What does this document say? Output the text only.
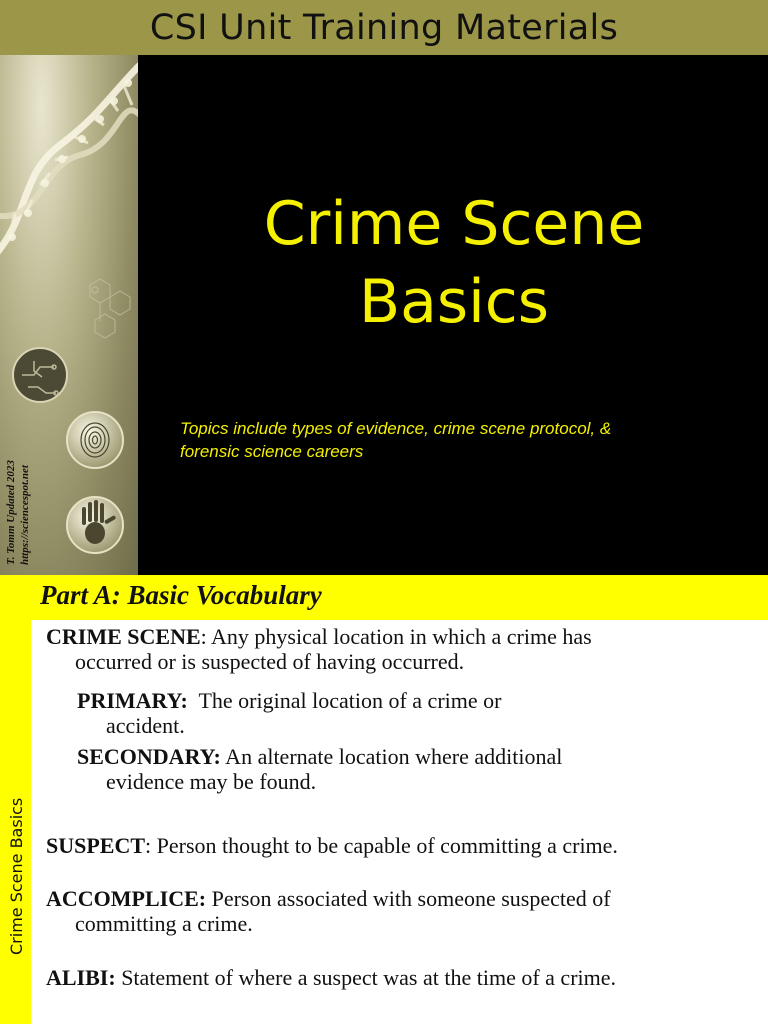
CSI Unit Training Materials
T. Tomm Updated 2023 https://sciencespot.net
Crime Scene
Basics
Topics include types of evidence, crime scene protocol, &
forensic science careers
Part A: Basic Vocabulary
Crime Scene Basics
CRIME SCENE: Any physical location in which a crime has
occurred or is suspected of having occurred.
PRIMARY:  The original location of a crime or
accident.
SECONDARY: An alternate location where additional
evidence may be found.
SUSPECT: Person thought to be capable of committing a crime.
ACCOMPLICE: Person associated with someone suspected of
committing a crime.
ALIBI: Statement of where a suspect was at the time of a crime.
